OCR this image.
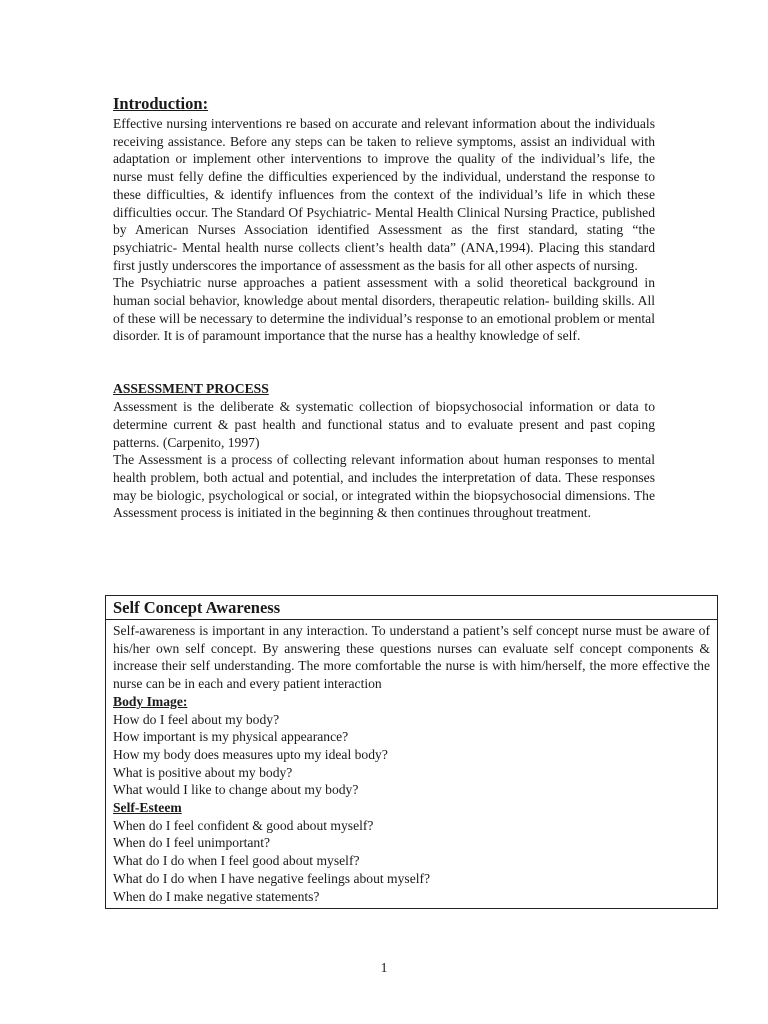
Introduction:

Effective nursing interventions re based on accurate and relevant information about the individuals receiving assistance. Before any steps can be taken to relieve symptoms, assist an individual with adaptation or implement other interventions to improve the quality of the individual’s life, the nurse must felly define the difficulties experienced by the individual, understand the response to these difficulties, & identify influences from the context of the individual’s life in which these difficulties occur. The Standard Of Psychiatric- Mental Health Clinical Nursing Practice, published by American Nurses Association identified Assessment as the first standard, stating “the psychiatric- Mental health nurse collects client’s health data” (ANA,1994). Placing this standard first justly underscores the importance of assessment as the basis for all other aspects of nursing.

The Psychiatric nurse approaches a patient assessment with a solid theoretical background in human social behavior, knowledge about mental disorders, therapeutic relation- building skills. All of these will be necessary to determine the individual’s response to an emotional problem or mental disorder. It is of paramount importance that the nurse has a healthy knowledge of self.

ASSESSMENT PROCESS

Assessment is the deliberate & systematic collection of biopsychosocial information or data to determine current & past health and functional status and to evaluate present and past coping patterns. (Carpenito, 1997)

The Assessment is a process of collecting relevant information about human responses to mental health problem, both actual and potential, and includes the interpretation of data. These responses may be biologic, psychological or social, or integrated within the biopsychosocial dimensions. The Assessment process is initiated in the beginning & then continues throughout treatment.

Self Concept Awareness

Self-awareness is important in any interaction. To understand a patient’s self concept nurse must be aware of his/her own self concept. By answering these questions nurses can evaluate self concept components & increase their self understanding. The more comfortable the nurse is with him/herself, the more effective the nurse can be in each and every patient interaction

Body Image:

How do I feel about my body?

How important is my physical appearance?

How my body does measures upto my ideal body?

What is positive about my body?

What would I like to change about my body?

Self-Esteem

When do I feel confident & good about myself?

When do I feel unimportant?

What do I do when I feel good about myself?

What do I do when I have negative feelings about myself?

When do I make negative statements?

1
